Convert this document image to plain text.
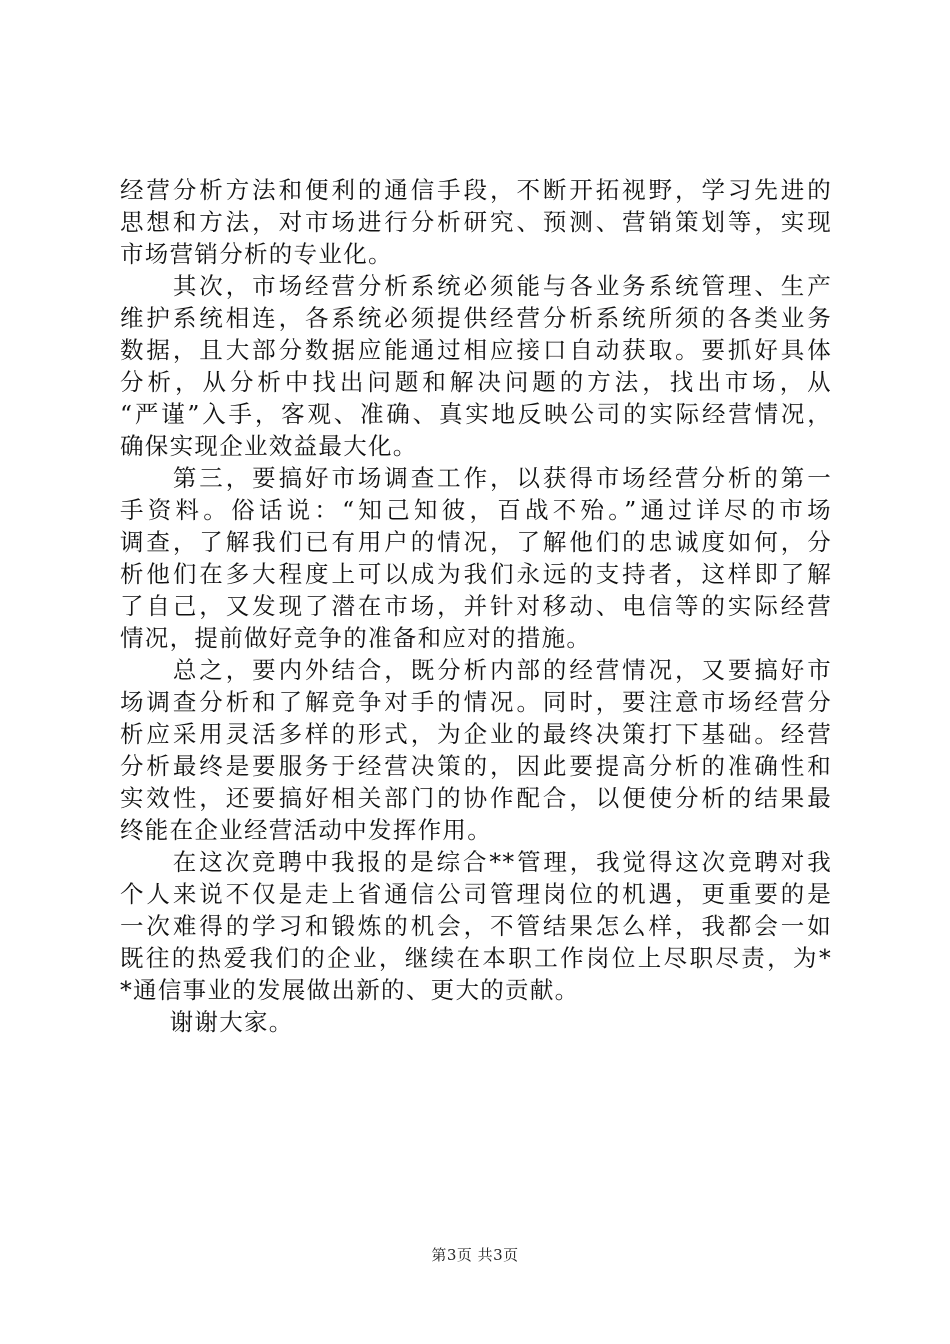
经营分析方法和便利的通信手段，不断开拓视野，学习先进的
思想和方法，对市场进行分析研究、预测、营销策划等，实现
市场营销分析的专业化。
　　其次，市场经营分析系统必须能与各业务系统管理、生产
维护系统相连，各系统必须提供经营分析系统所须的各类业务
数据，且大部分数据应能通过相应接口自动获取。要抓好具体
分析，从分析中找出问题和解决问题的方法，找出市场，从
“严谨”入手，客观、准确、真实地反映公司的实际经营情况，
确保实现企业效益最大化。
　　第三，要搞好市场调查工作，以获得市场经营分析的第一
手资料。俗话说：“知己知彼，百战不殆。”通过详尽的市场
调查，了解我们已有用户的情况，了解他们的忠诚度如何，分
析他们在多大程度上可以成为我们永远的支持者，这样即了解
了自己，又发现了潜在市场，并针对移动、电信等的实际经营
情况，提前做好竞争的准备和应对的措施。
　　总之，要内外结合，既分析内部的经营情况，又要搞好市
场调查分析和了解竞争对手的情况。同时，要注意市场经营分
析应采用灵活多样的形式，为企业的最终决策打下基础。经营
分析最终是要服务于经营决策的，因此要提高分析的准确性和
实效性，还要搞好相关部门的协作配合，以便使分析的结果最
终能在企业经营活动中发挥作用。
　　在这次竞聘中我报的是综合**管理，我觉得这次竞聘对我
个人来说不仅是走上省通信公司管理岗位的机遇，更重要的是
一次难得的学习和锻炼的机会，不管结果怎么样，我都会一如
既往的热爱我们的企业，继续在本职工作岗位上尽职尽责，为*
*通信事业的发展做出新的、更大的贡献。
　　谢谢大家。
第3页 共3页
